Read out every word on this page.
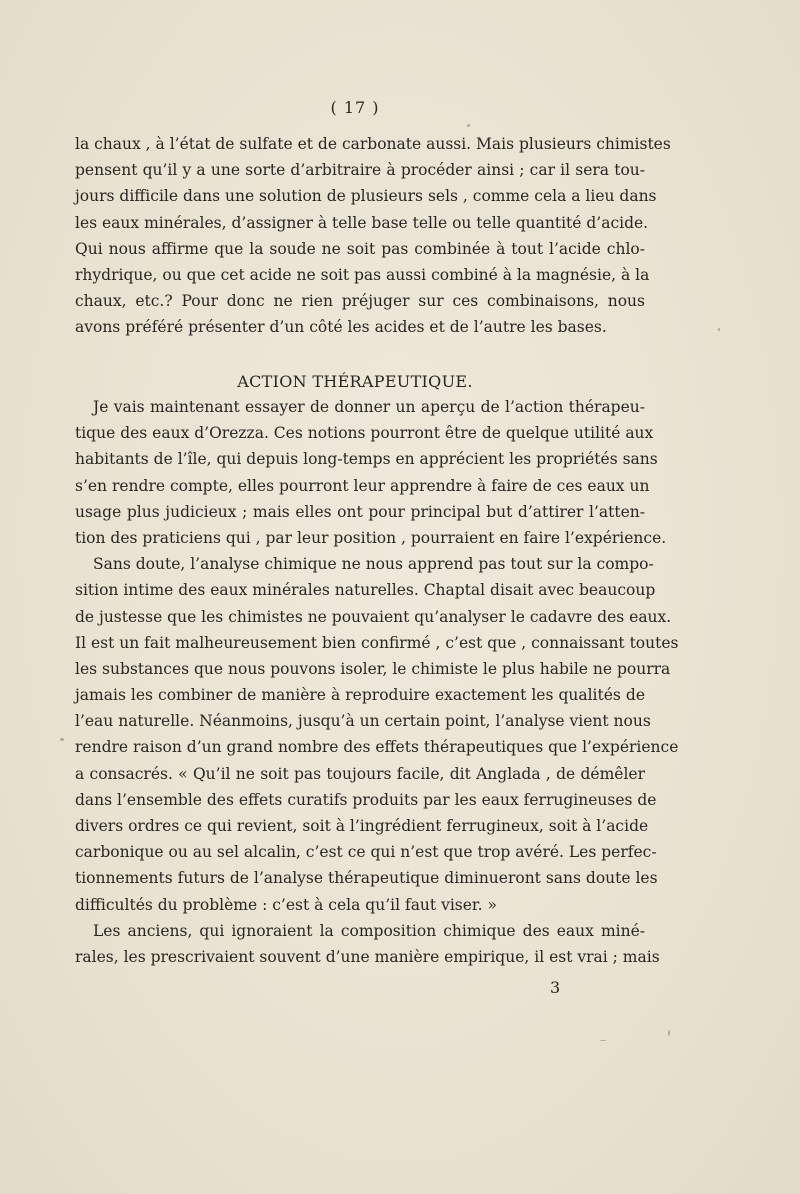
( 17 )
la chaux , à l’état de sulfate et de carbonate aussi. Mais plusieurs chimistes
pensent qu’il y a une sorte d’arbitraire à procéder ainsi ; car il sera tou-
jours difficile dans une solution de plusieurs sels , comme cela a lieu dans
les eaux minérales, d’assigner à telle base telle ou telle quantité d’acide.
Qui nous affirme que la soude ne soit pas combinée à tout l’acide chlo-
rhydrique, ou que cet acide ne soit pas aussi combiné à la magnésie, à la
chaux, etc.? Pour donc ne rien préjuger sur ces combinaisons, nous
avons préféré présenter d’un côté les acides et de l’autre les bases.
ACTION THÉRAPEUTIQUE.
Je vais maintenant essayer de donner un aperçu de l’action thérapeu-
tique des eaux d’Orezza. Ces notions pourront être de quelque utilité aux
habitants de l’île, qui depuis long-temps en apprécient les propriétés sans
s’en rendre compte, elles pourront leur apprendre à faire de ces eaux un
usage plus judicieux ; mais elles ont pour principal but d’attirer l’atten-
tion des praticiens qui , par leur position , pourraient en faire l’expérience.
Sans doute, l’analyse chimique ne nous apprend pas tout sur la compo-
sition intime des eaux minérales naturelles. Chaptal disait avec beaucoup
de justesse que les chimistes ne pouvaient qu’analyser le cadavre des eaux.
Il est un fait malheureusement bien confirmé , c’est que , connaissant toutes
les substances que nous pouvons isoler, le chimiste le plus habile ne pourra
jamais les combiner de manière à reproduire exactement les qualités de
l’eau naturelle. Néanmoins, jusqu’à un certain point, l’analyse vient nous
rendre raison d’un grand nombre des effets thérapeutiques que l’expérience
a consacrés. « Qu’il ne soit pas toujours facile, dit Anglada , de démêler
dans l’ensemble des effets curatifs produits par les eaux ferrugineuses de
divers ordres ce qui revient, soit à l’ingrédient ferrugineux, soit à l’acide
carbonique ou au sel alcalin, c’est ce qui n’est que trop avéré. Les perfec-
tionnements futurs de l’analyse thérapeutique diminueront sans doute les
difficultés du problème : c’est à cela qu’il faut viser. »
Les anciens, qui ignoraient la composition chimique des eaux miné-
rales, les prescrivaient souvent d’une manière empirique, il est vrai ; mais
3
